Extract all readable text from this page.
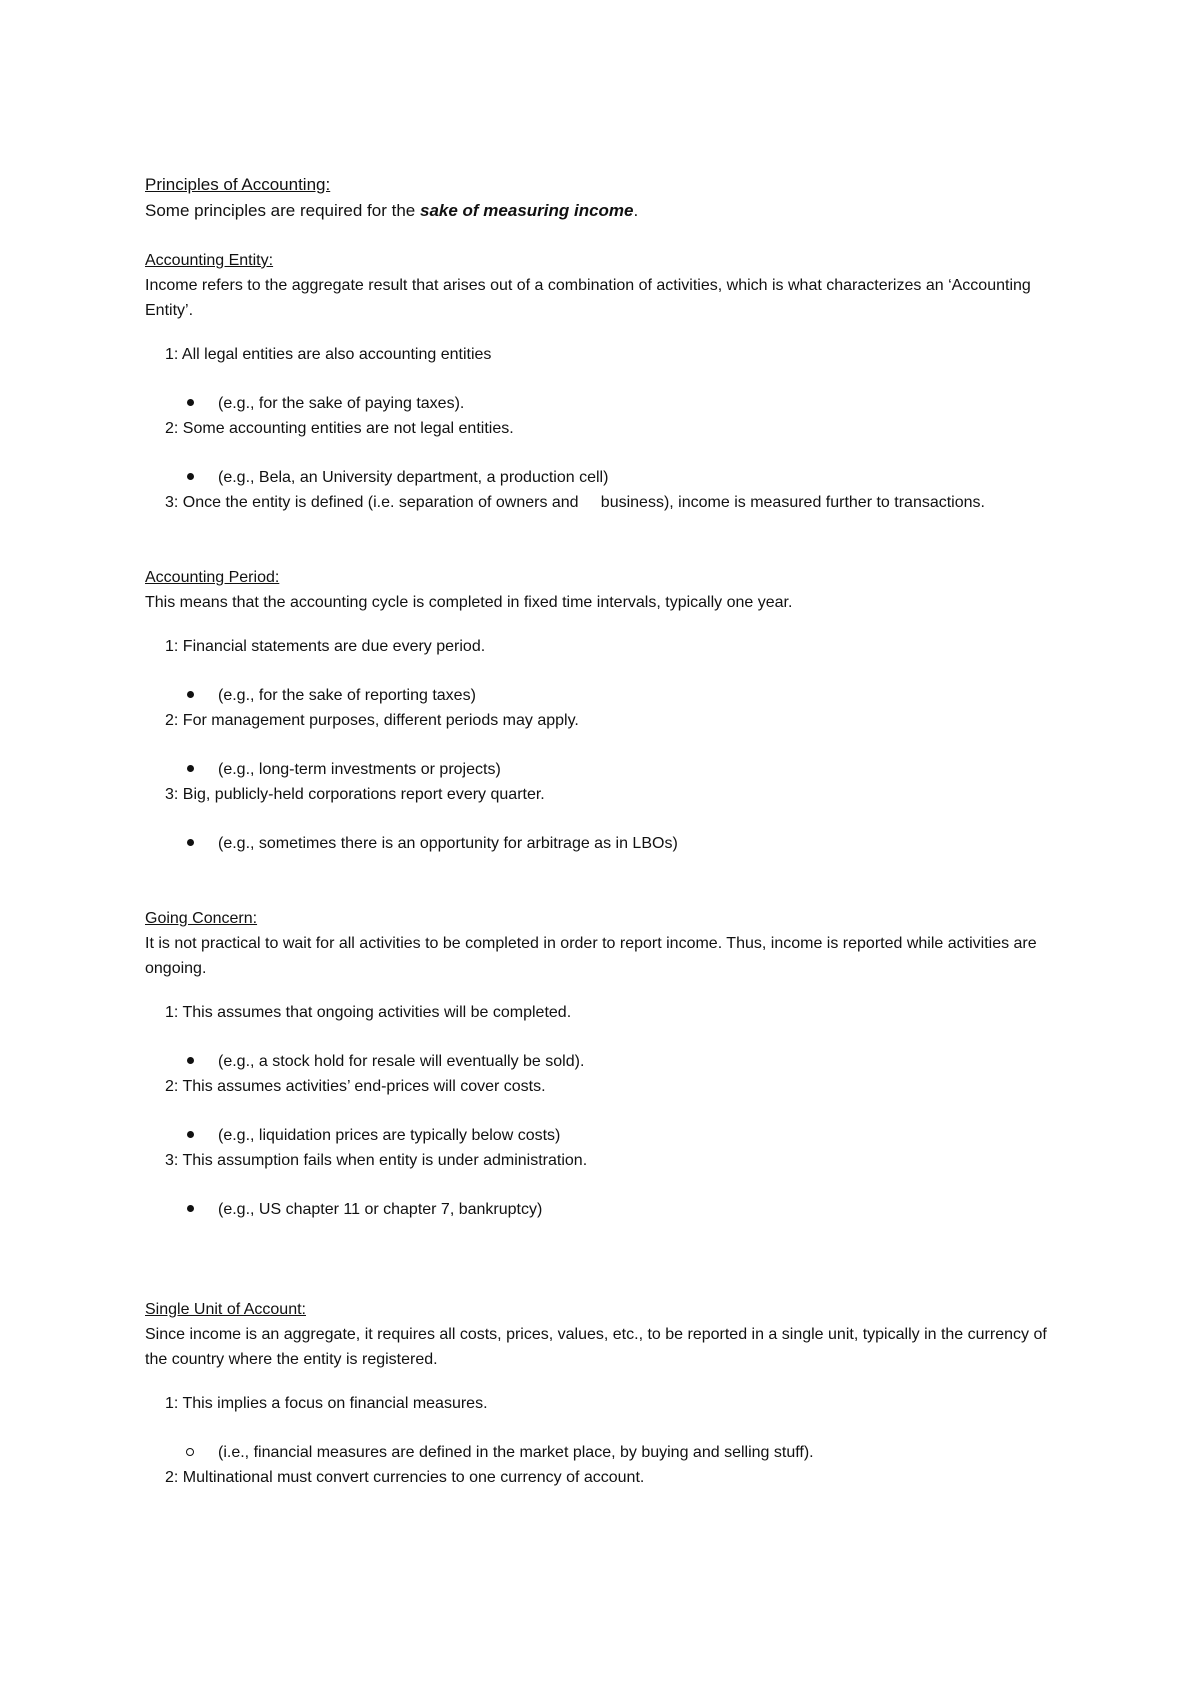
Principles of Accounting:
Some principles are required for the sake of measuring income.
Accounting Entity:
Income refers to the aggregate result that arises out of a combination of activities, which is what characterizes an ‘Accounting Entity’.
1: All legal entities are also accounting entities
(e.g., for the sake of paying taxes).
2: Some accounting entities are not legal entities.
(e.g., Bela, an University department, a production cell)
3: Once the entity is defined (i.e. separation of owners and     business), income is measured further to transactions.
Accounting Period:
This means that the accounting cycle is completed in fixed time intervals, typically one year.
1: Financial statements are due every period.
(e.g., for the sake of reporting taxes)
2: For management purposes, different periods may apply.
(e.g., long-term investments or projects)
3: Big, publicly-held corporations report every quarter.
(e.g., sometimes there is an opportunity for arbitrage as in LBOs)
Going Concern:
It is not practical to wait for all activities to be completed in order to report income. Thus, income is reported while activities are ongoing.
1: This assumes that ongoing activities will be completed.
(e.g., a stock hold for resale will eventually be sold).
2: This assumes activities’ end-prices will cover costs.
(e.g., liquidation prices are typically below costs)
3: This assumption fails when entity is under administration.
(e.g., US chapter 11 or chapter 7, bankruptcy)
Single Unit of Account:
Since income is an aggregate, it requires all costs, prices, values, etc., to be reported in a single unit, typically in the currency of the country where the entity is registered.
1: This implies a focus on financial measures.
(i.e., financial measures are defined in the market place, by buying and selling stuff).
2: Multinational must convert currencies to one currency of account.
